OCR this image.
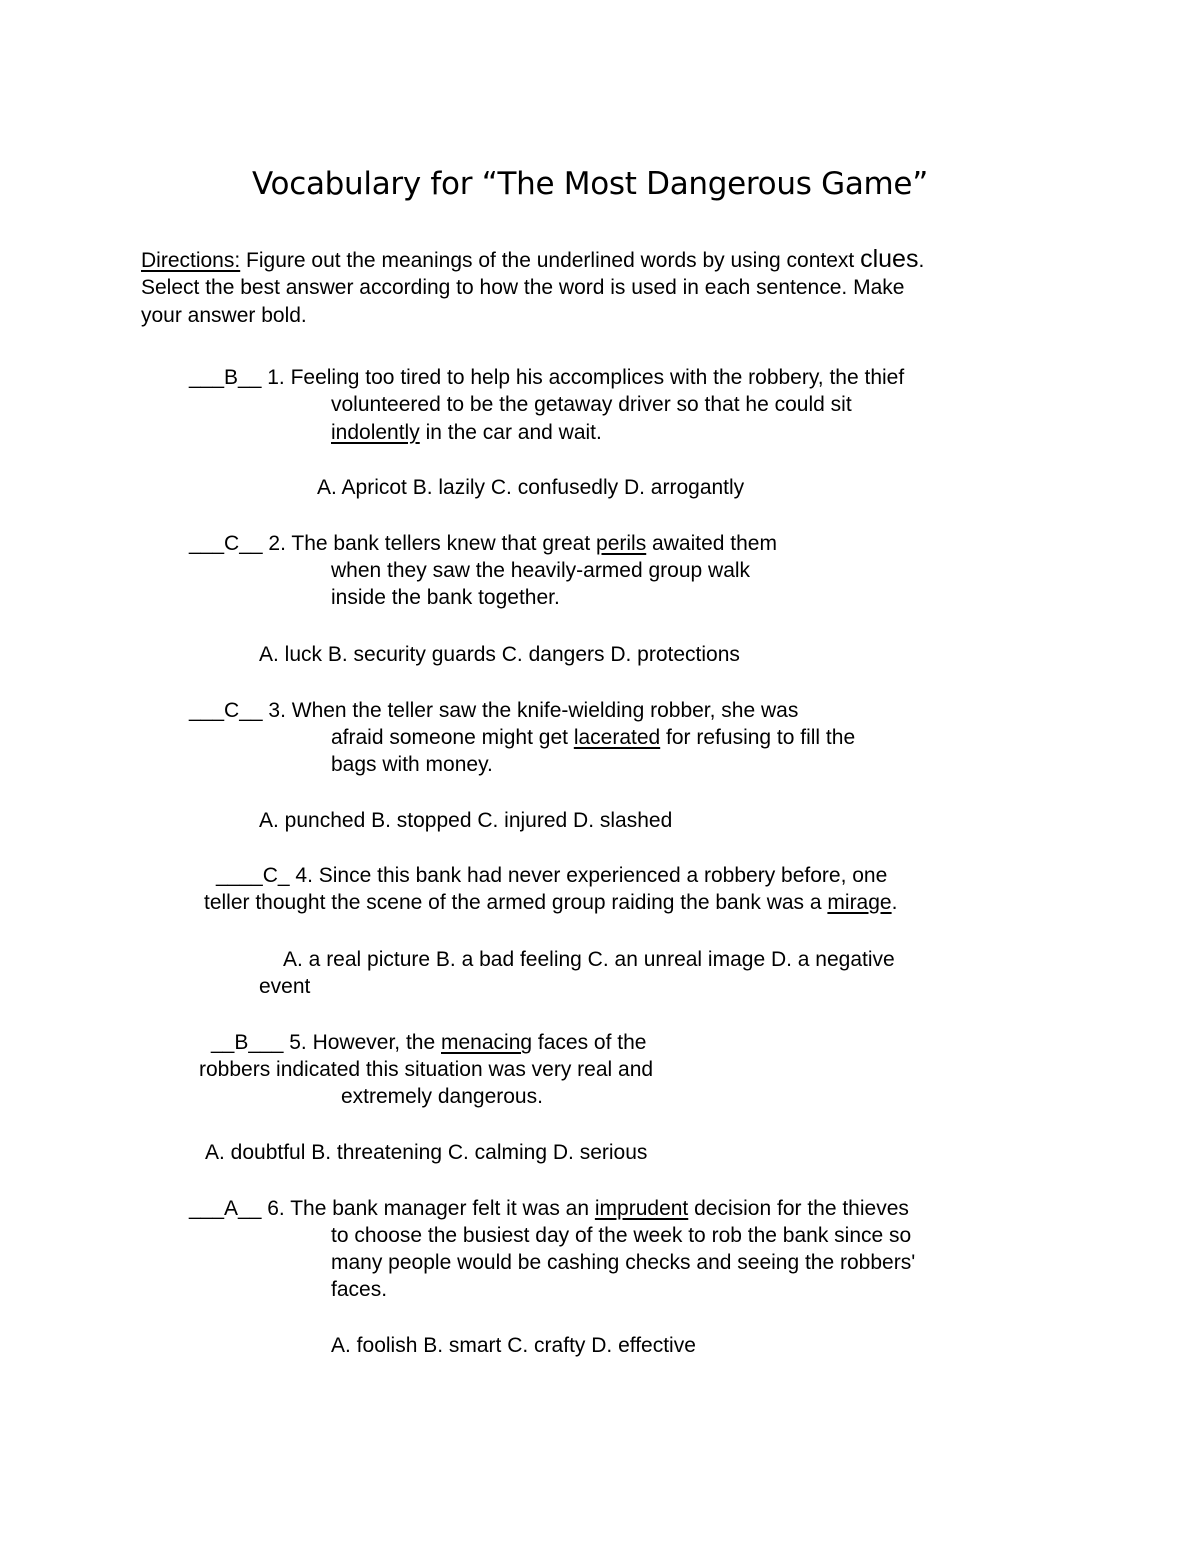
Vocabulary for “The Most Dangerous Game”
Directions: Figure out the meanings of the underlined words by using context clues.
Select the best answer according to how the word is used in each sentence. Make
your answer bold.
___B__ 1. Feeling too tired to help his accomplices with the robbery, the thief
volunteered to be the getaway driver so that he could sit
indolently in the car and wait.
A. Apricot B. lazily C. confusedly D. arrogantly
___C__ 2. The bank tellers knew that great perils awaited them
when they saw the heavily-armed group walk
inside the bank together.
A. luck B. security guards C. dangers D. protections
___C__ 3. When the teller saw the knife-wielding robber, she was
afraid someone might get lacerated for refusing to fill the
bags with money.
A. punched B. stopped C. injured D. slashed
____C_ 4. Since this bank had never experienced a robbery before, one
teller thought the scene of the armed group raiding the bank was a mirage.
A. a real picture B. a bad feeling C. an unreal image D. a negative
event
__B___ 5. However, the menacing faces of the
robbers indicated this situation was very real and
extremely dangerous.
A. doubtful B. threatening C. calming D. serious
___A__ 6. The bank manager felt it was an imprudent decision for the thieves
to choose the busiest day of the week to rob the bank since so
many people would be cashing checks and seeing the robbers'
faces.
A. foolish B. smart C. crafty D. effective
